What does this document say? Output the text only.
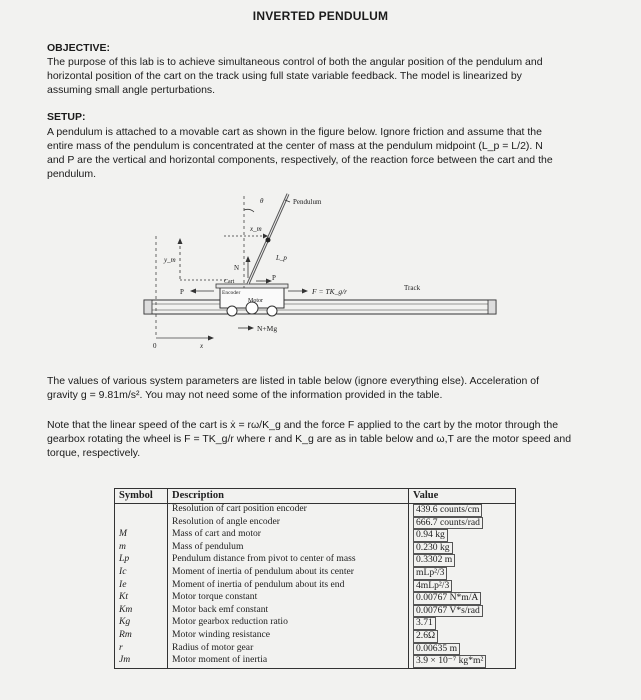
INVERTED PENDULUM
OBJECTIVE:
The purpose of this lab is to achieve simultaneous control of both the angular position of the pendulum and
horizontal position of the cart on the track using full state variable feedback. The model is linearized by
assuming small angle perturbations.
SETUP:
A pendulum is attached to a movable cart as shown in the figure below. Ignore friction and assume that the
entire mass of the pendulum is concentrated at the center of mass at the pendulum midpoint (L_p = L/2). N
and P are the vertical and horizontal components, respectively, of the reaction force between the cart and the
pendulum.
Pendulum
θ
x_m
L_p
y_m
N
P
P
Cart
Encoder
Motor
F = TK_g/r	Track
N+Mg
0	x
The values of various system parameters are listed in table below (ignore everything else). Acceleration of
gravity g = 9.81m/s². You may not need some of the information provided in the table.
Note that the linear speed of the cart is ẋ = rω/K_g and the force F applied to the cart by the motor through the
gearbox rotating the wheel is F = TK_g/r where r and K_g are as in table below and ω,T are the motor speed and
torque, respectively.
Symbol	Description	Value
	Resolution of cart position encoder	439.6 counts/cm
	Resolution of angle encoder	666.7 counts/rad
M	Mass of cart and motor	0.94 kg
m	Mass of pendulum	0.230 kg
Lp	Pendulum distance from pivot to center of mass	0.3302 m
Ic	Moment of inertia of pendulum about its center	mLp²/3
Ie	Moment of inertia of pendulum about its end	4mLp²/3
Kt	Motor torque constant	0.00767 N*m/A
Km	Motor back emf constant	0.00767 V*s/rad
Kg	Motor gearbox reduction ratio	3.71
Rm	Motor winding resistance	2.6Ω
r	Radius of motor gear	0.00635 m
Jm	Motor moment of inertia	3.9 × 10⁻⁷ kg*m²
